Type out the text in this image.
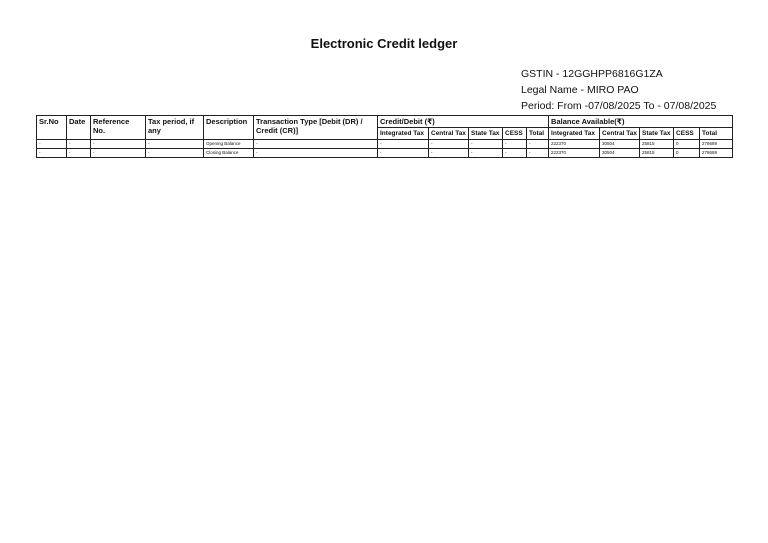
Electronic Credit ledger
GSTIN - 12GGHPP6816G1ZA
Legal Name - MIRO PAO
Period: From -07/08/2025 To - 07/08/2025
Sr.No	Date	Reference No.	Tax period, if any	Description	Transaction Type [Debit (DR) / Credit (CR)]	Credit/Debit (₹)					Balance Available(₹)				
						Integrated Tax	Central Tax	State Tax	CESS	Total	Integrated Tax	Central Tax	State Tax	CESS	Total
-	-	-	-	Opening Balance	-	-	-	-	-	-	222370	30504	25815	0	278689
-	-	-	-	Closing Balance	-	-	-	-	-	-	222370	30504	25815	0	278689
